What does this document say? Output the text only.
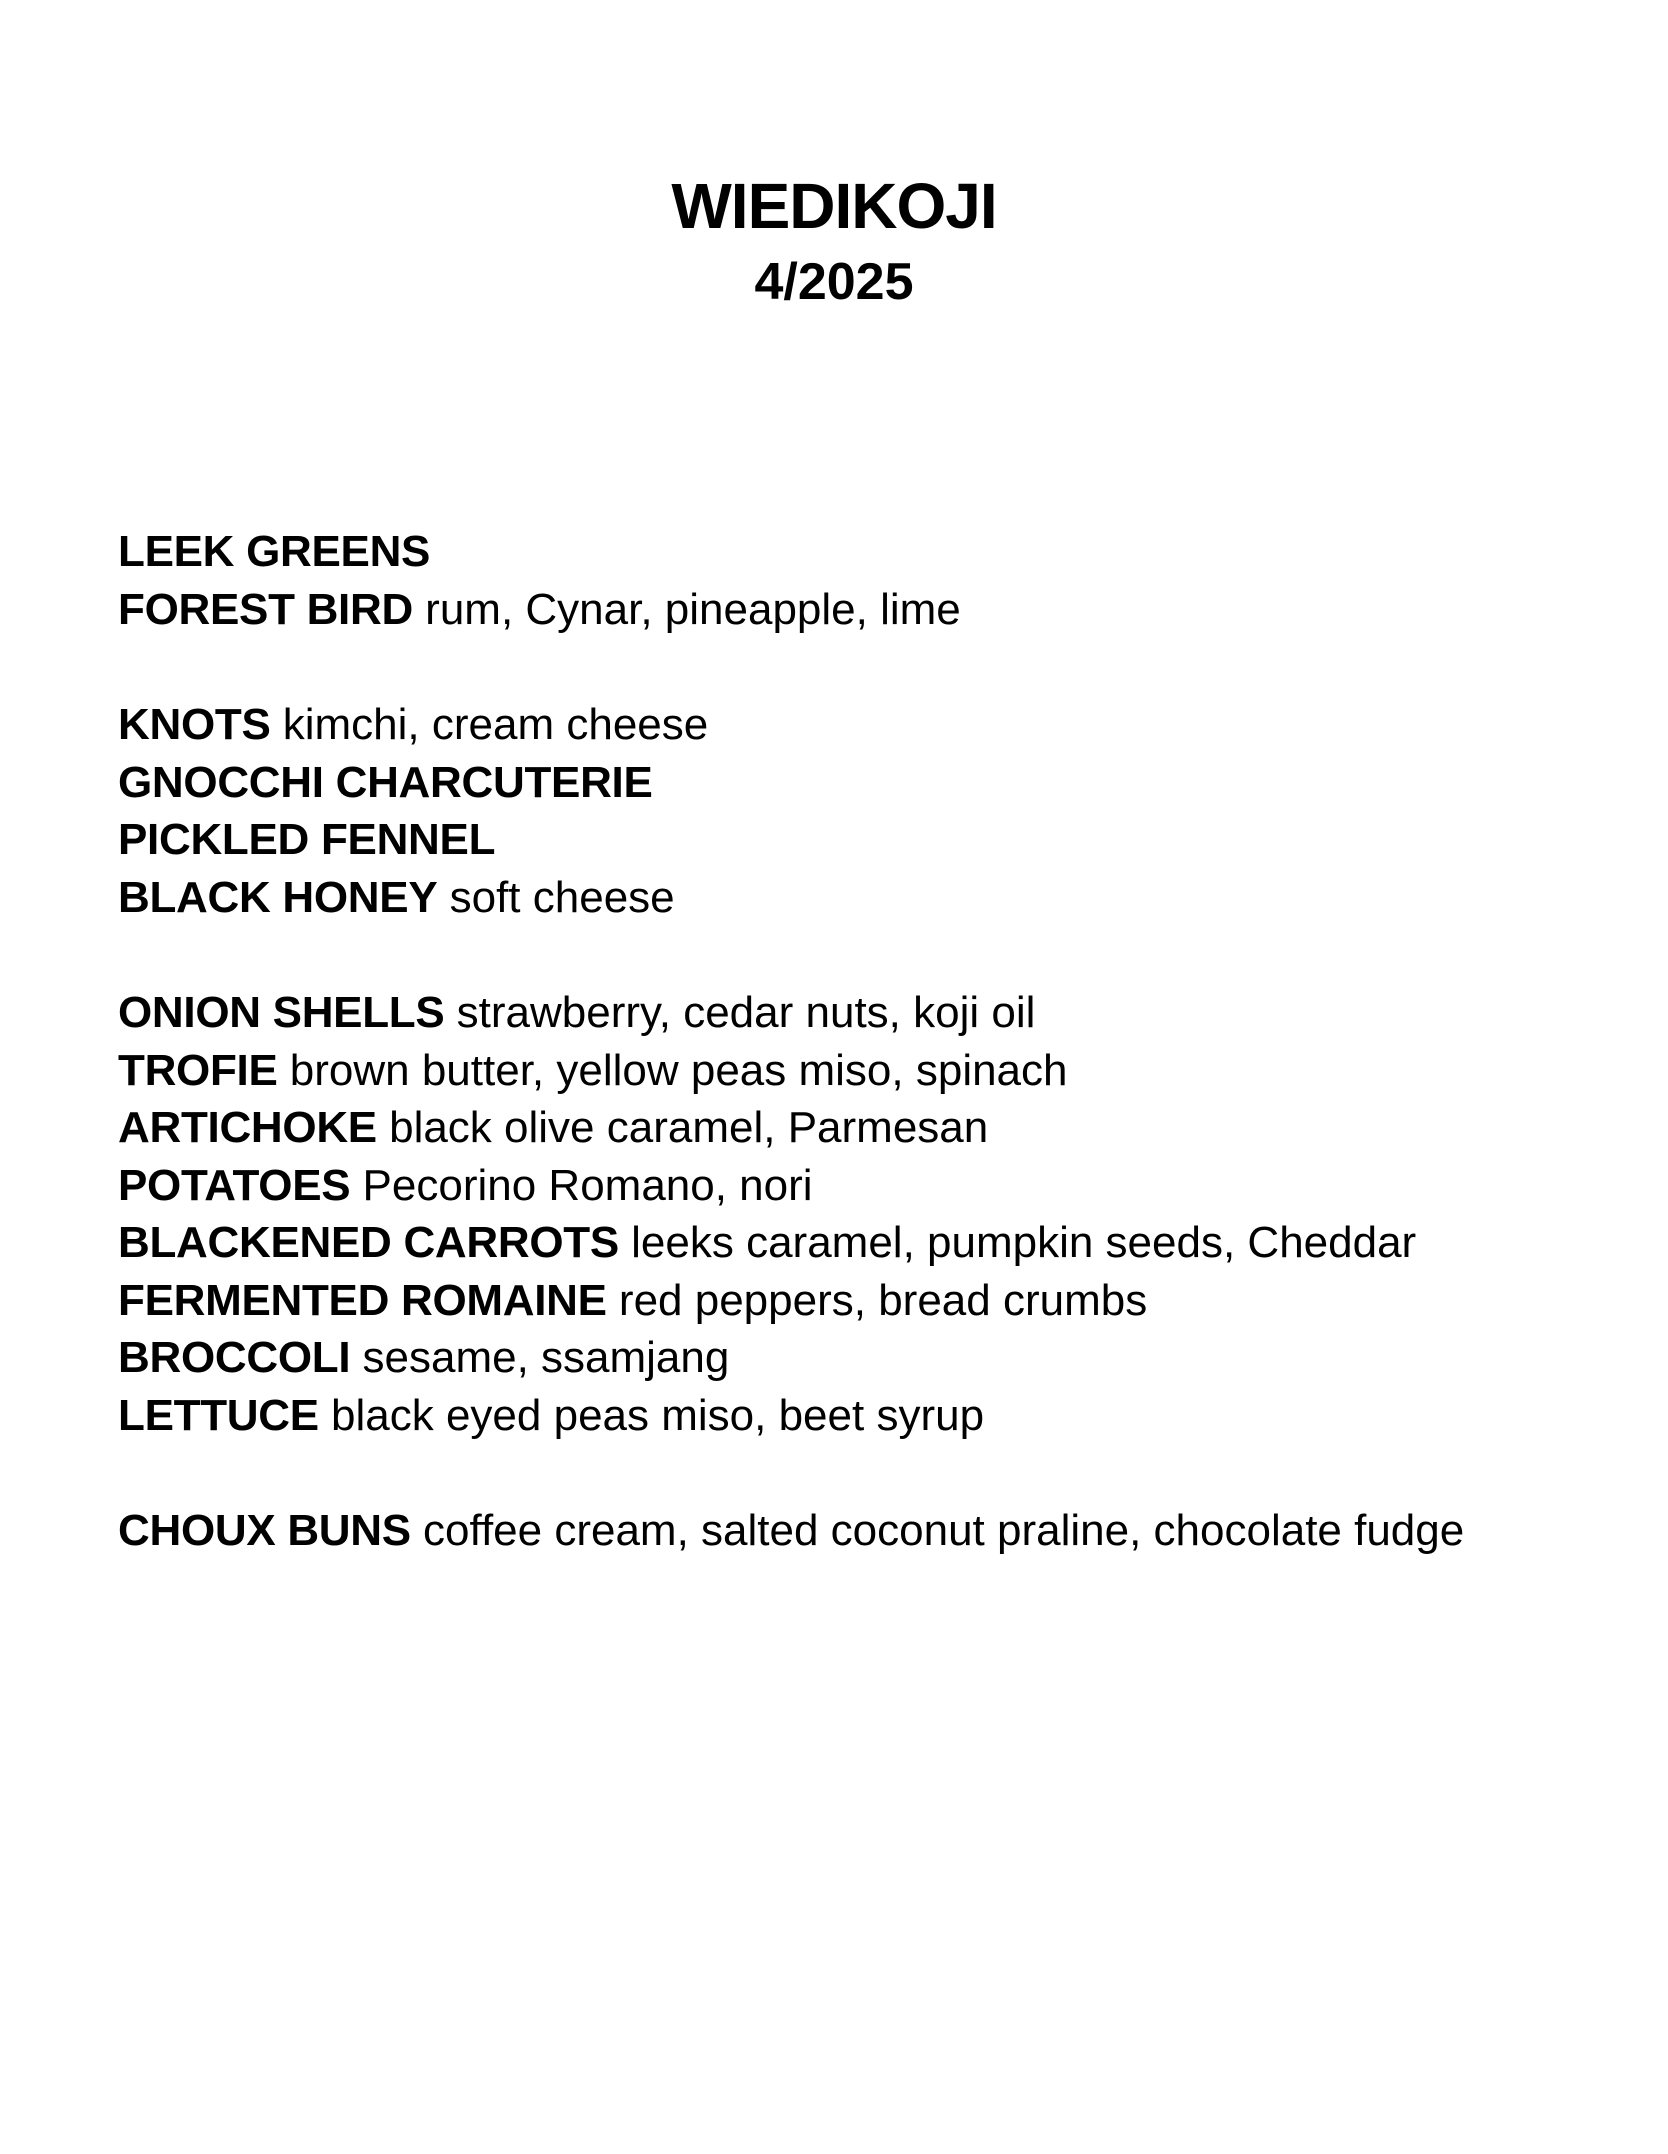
WIEDIKOJI
4/2025
LEEK GREENS
FOREST BIRD rum, Cynar, pineapple, lime
KNOTS kimchi, cream cheese
GNOCCHI CHARCUTERIE
PICKLED FENNEL
BLACK HONEY soft cheese
ONION SHELLS strawberry, cedar nuts, koji oil
TROFIE brown butter, yellow peas miso, spinach
ARTICHOKE black olive caramel, Parmesan
POTATOES Pecorino Romano, nori
BLACKENED CARROTS leeks caramel, pumpkin seeds, Cheddar
FERMENTED ROMAINE red peppers, bread crumbs
BROCCOLI sesame, ssamjang
LETTUCE black eyed peas miso, beet syrup
CHOUX BUNS coffee cream, salted coconut praline, chocolate fudge
